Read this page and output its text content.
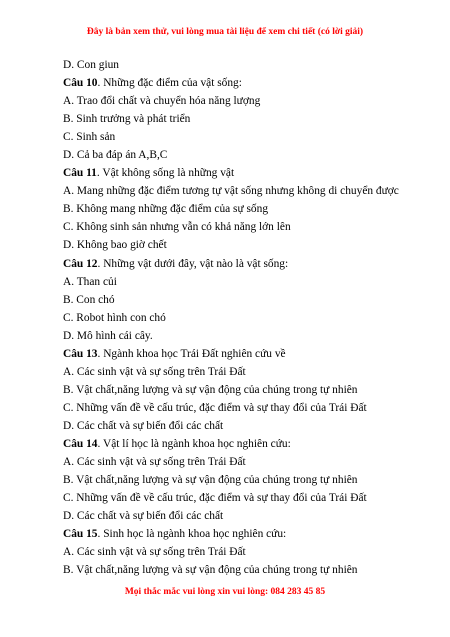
Đây là bản xem thử, vui lòng mua tài liệu để xem chi tiết (có lời giải)
D. Con giun
Câu 10. Những đặc điểm của vật sống:
A. Trao đổi chất và chuyển hóa năng lượng
B. Sinh trưởng và phát triển
C. Sinh sản
D. Cả ba đáp án A,B,C
Câu 11. Vật không sống là những vật
A. Mang những đặc điểm tương tự vật sống nhưng không di chuyển được
B. Không mang những đặc điểm của sự sống
C. Không sinh sản nhưng vẫn có khả năng lớn lên
D. Không bao giờ chết
Câu 12. Những vật dưới đây, vật nào là vật sống:
A. Than củi
B. Con chó
C. Robot hình con chó
D. Mô hình cái cây.
Câu 13. Ngành khoa học Trái Đất nghiên cứu về
A. Các sinh vật và sự sống trên Trái Đất
B. Vật chất,năng lượng và sự vận động của chúng trong tự nhiên
C. Những vấn đề về cấu trúc, đặc điểm và sự thay đổi của Trái Đất
D. Các chất và sự biến đổi các chất
Câu 14. Vật lí học là ngành khoa học nghiên cứu:
A. Các sinh vật và sự sống trên Trái Đất
B. Vật chất,năng lượng và sự vận động của chúng trong tự nhiên
C. Những vấn đề về cấu trúc, đặc điểm và sự thay đổi của Trái Đất
D. Các chất và sự biến đổi các chất
Câu 15. Sinh học là ngành khoa học nghiên cứu:
A. Các sinh vật và sự sống trên Trái Đất
B. Vật chất,năng lượng và sự vận động của chúng trong tự nhiên
Mọi thắc mắc vui lòng xin vui lòng: 084 283 45 85
